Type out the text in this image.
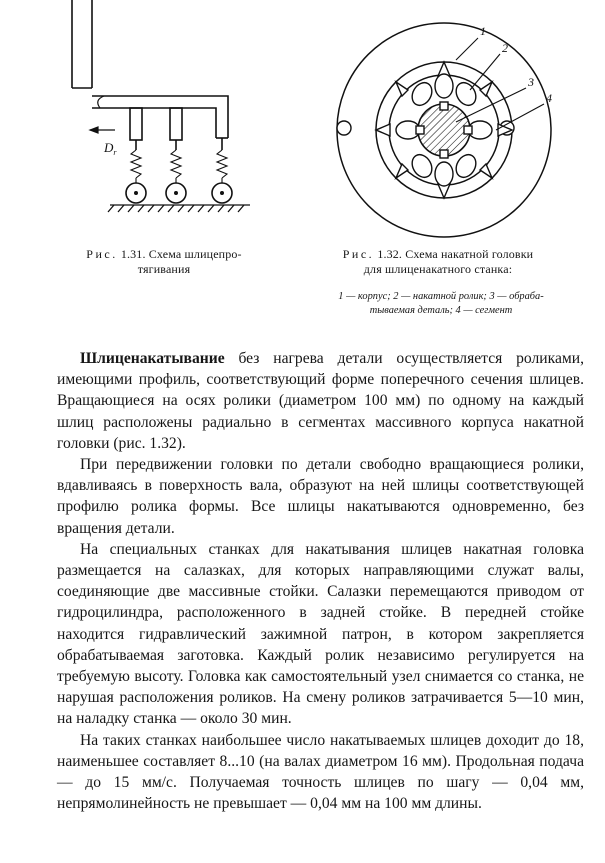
$D_r$
Рис. 1.31. Схема шлицепро-
тягивания
1
2
3
4
Рис. 1.32. Схема накатной головки
для шлиценакатного станка:
1 — корпус; 2 — накатной ролик; 3 — обраба-
тываемая деталь; 4 — сегмент

Шлиценакатывание без нагрева детали осуществляется роликами, имеющими профиль, соответствующий форме поперечного сечения шлицев. Вращающиеся на осях ролики (диаметром 100 мм) по одному на каждый шлиц расположены радиально в сегментах массивного корпуса накатной головки (рис. 1.32).

При передвижении головки по детали свободно вращающиеся ролики, вдавливаясь в поверхность вала, образуют на ней шлицы соответствующей профилю ролика формы. Все шлицы накатываются одновременно, без вращения детали.

На специальных станках для накатывания шлицев накатная головка размещается на салазках, для которых направляющими служат валы, соединяющие две массивные стойки. Салазки перемещаются приводом от гидроцилиндра, расположенного в задней стойке. В передней стойке находится гидравлический зажимной патрон, в котором закрепляется обрабатываемая заготовка. Каждый ролик независимо регулируется на требуемую высоту. Головка как самостоятельный узел снимается со станка, не нарушая расположения роликов. На смену роликов затрачивается 5—10 мин, на наладку станка — около 30 мин.

На таких станках наибольшее число накатываемых шлицев доходит до 18, наименьшее составляет 8...10 (на валах диаметром 16 мм). Продольная подача — до 15 мм/с. Получаемая точность шлицев по шагу — 0,04 мм, непрямолинейность не превышает — 0,04 мм на 100 мм длины.
